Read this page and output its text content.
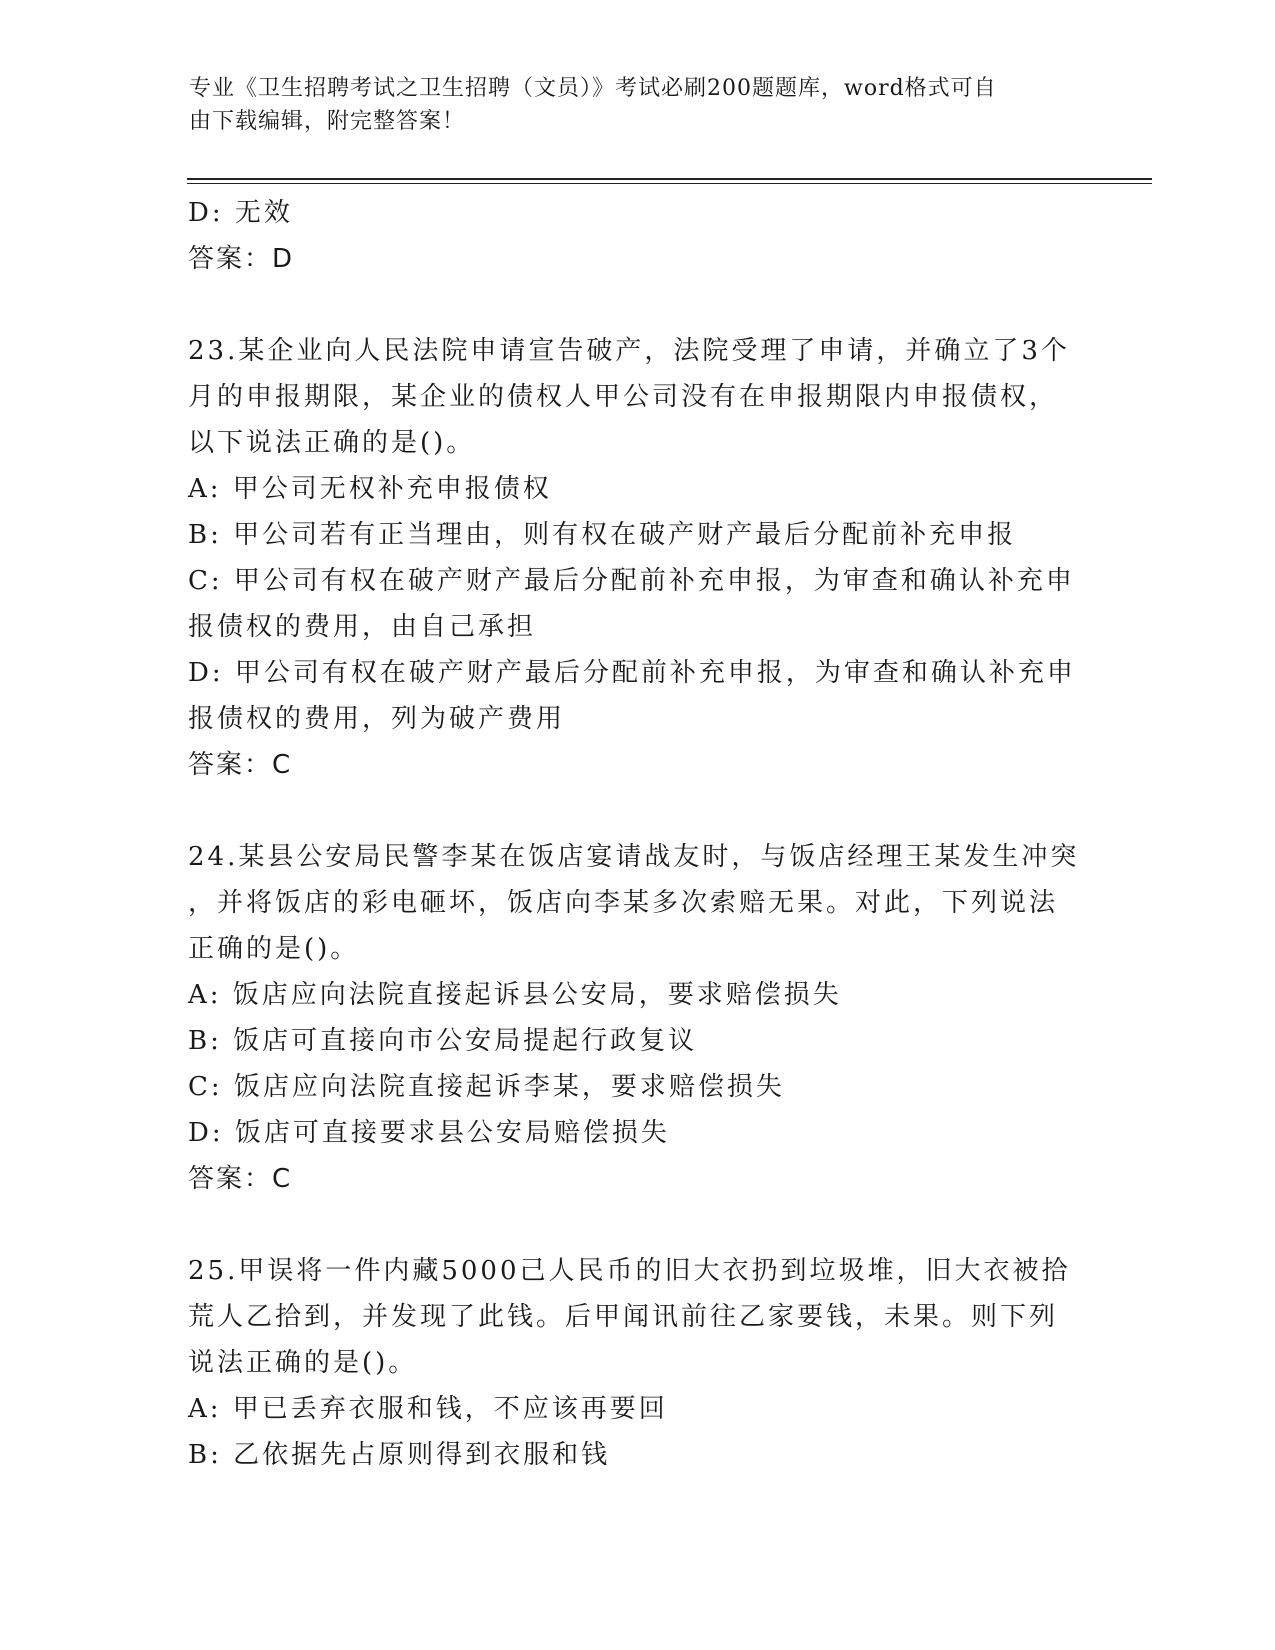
专业《卫生招聘考试之卫生招聘（文员）》考试必刷200题题库，word格式可自
由下载编辑，附完整答案！
D: 无效
答案：D
23.某企业向人民法院申请宣告破产，法院受理了申请，并确立了3个
月的申报期限，某企业的债权人甲公司没有在申报期限内申报债权，
以下说法正确的是()。
A: 甲公司无权补充申报债权
B: 甲公司若有正当理由，则有权在破产财产最后分配前补充申报
C: 甲公司有权在破产财产最后分配前补充申报，为审查和确认补充申
报债权的费用，由自己承担
D: 甲公司有权在破产财产最后分配前补充申报，为审查和确认补充申
报债权的费用，列为破产费用
答案：C
24.某县公安局民警李某在饭店宴请战友时，与饭店经理王某发生冲突
，并将饭店的彩电砸坏，饭店向李某多次索赔无果。对此，下列说法
正确的是()。
A: 饭店应向法院直接起诉县公安局，要求赔偿损失
B: 饭店可直接向市公安局提起行政复议
C: 饭店应向法院直接起诉李某，要求赔偿损失
D: 饭店可直接要求县公安局赔偿损失
答案：C
25.甲误将一件内藏5000己人民币的旧大衣扔到垃圾堆，旧大衣被拾
荒人乙拾到，并发现了此钱。后甲闻讯前往乙家要钱，未果。则下列
说法正确的是()。
A: 甲已丢弃衣服和钱，不应该再要回
B: 乙依据先占原则得到衣服和钱
